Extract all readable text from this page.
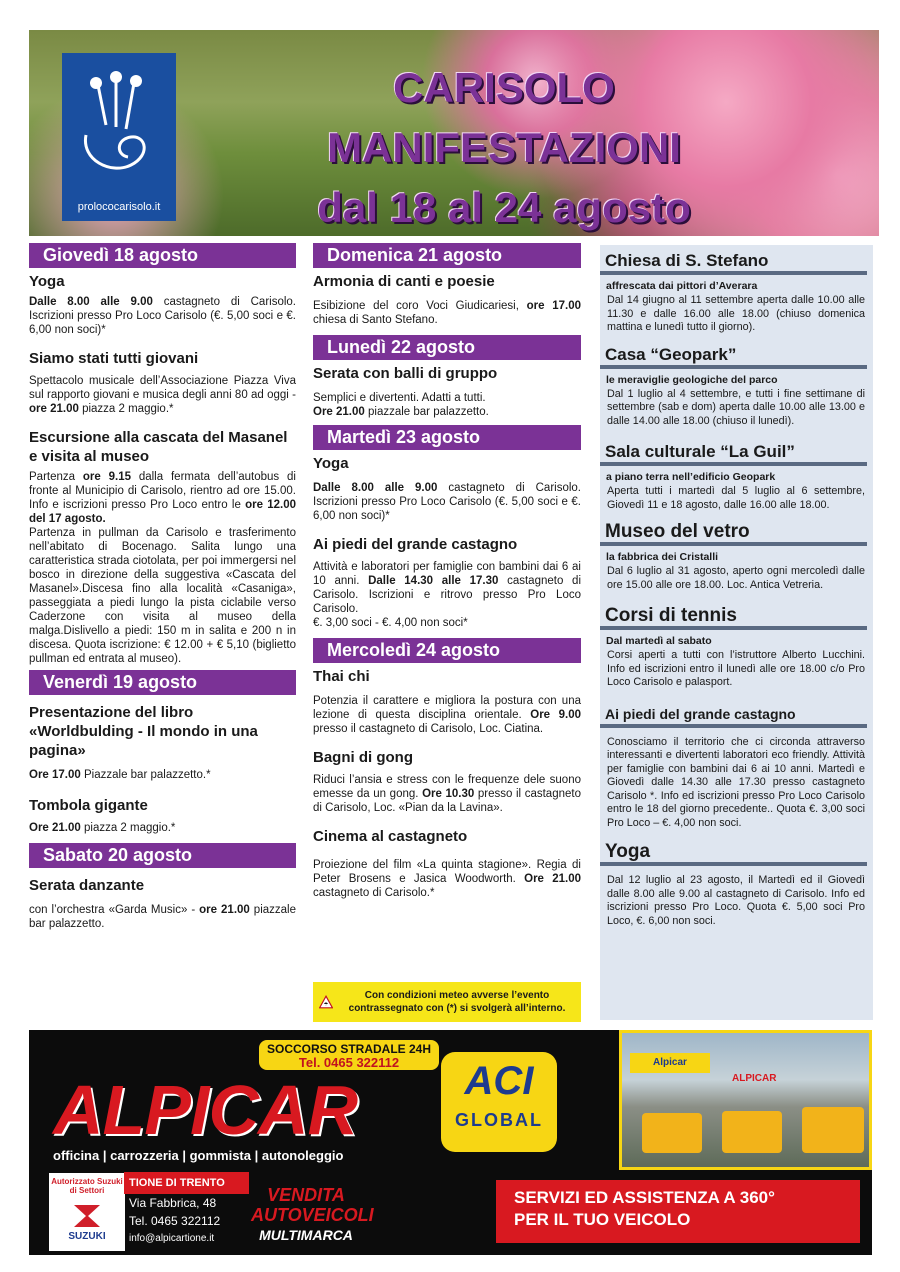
prolococarisolo.it
CARISOLO
MANIFESTAZIONI
dal 18 al 24 agosto
Giovedì 18 agosto
Yoga

Dalle 8.00 alle 9.00 castagneto di Carisolo. Iscrizioni presso Pro Loco Carisolo (€. 5,00 soci e €. 6,00 non soci)*

Siamo stati tutti giovani

Spettacolo musicale dell’Associazione Piazza Viva sul rapporto giovani e musica degli anni 80 ad oggi - ore 21.00 piazza 2 maggio.*

Escursione alla cascata del Masanel e visita al museo

Partenza ore 9.15 dalla fermata dell’autobus di fronte al Municipio di Carisolo, rientro ad ore 15.00. Info e iscrizioni presso Pro Loco entro le ore 12.00 del 17 agosto.
Partenza in pullman da Carisolo e trasferimento nell’abitato di Bocenago. Salita lungo una caratteristica strada ciotolata, per poi immergersi nel bosco in direzione della suggestiva «Cascata del Masanel».Discesa fino alla località «Casaniga», passeggiata a piedi lungo la pista ciclabile verso Caderzone con visita al museo della malga.Dislivello a piedi: 150 m in salita e 200 n in discesa. Quota iscrizione: € 12.00 + € 5,10 (biglietto pullman ed entrata al museo).

Venerdì 19 agosto
Presentazione del libro «Worldbulding - Il mondo in una pagina»

Ore 17.00 Piazzale bar palazzetto.*

Tombola gigante

Ore 21.00 piazza 2 maggio.*

Sabato 20 agosto
Serata danzante

con l’orchestra «Garda Music» - ore 21.00 piazzale bar palazzetto.

Domenica 21 agosto
Armonia di canti e poesie

Esibizione del coro Voci Giudicariesi, ore 17.00 chiesa di Santo Stefano.

Lunedì 22 agosto
Serata con balli di gruppo

Semplici e divertenti. Adatti a tutti.
Ore 21.00 piazzale bar palazzetto.

Martedì 23 agosto
Yoga

Dalle 8.00 alle 9.00 castagneto di Carisolo. Iscrizioni presso Pro Loco Carisolo (€. 5,00 soci e €. 6,00 non soci)*

Ai piedi del grande castagno

Attività e laboratori per famiglie con bambini dai 6 ai 10 anni. Dalle 14.30 alle 17.30 castagneto di Carisolo. Iscrizioni e ritrovo presso Pro Loco Carisolo.
€. 3,00 soci - €. 4,00 non soci*

Mercoledì 24 agosto
Thai chi

Potenzia il carattere e migliora la postura con una lezione di questa disciplina orientale. Ore 9.00 presso il castagneto di Carisolo, Loc. Ciatina.

Bagni di gong

Riduci l’ansia e stress con le frequenze dele suono emesse da un gong. Ore 10.30 presso il castagneto di Carisolo, Loc. «Pian da la Lavina».

Cinema al castagneto

Proiezione del film «La quinta stagione». Regia di Peter Brosens e Jasica Woodworth. Ore 21.00 castagneto di Carisolo.*

☂

Con condizioni meteo avverse l’evento contrassegnato con (*) si svolgerà all’interno.

Chiesa di S. Stefano
affrescata dai pittori d’Averara

Dal 14 giugno al 11 settembre aperta dalle 10.00 alle 11.30 e dalle 16.00 alle 18.00 (chiuso domenica mattina e lunedì tutto il giorno).

Casa “Geopark”
le meraviglie geologiche del parco

Dal 1 luglio al 4 settembre, e tutti i fine settimane di settembre (sab e dom) aperta dalle 10.00 alle 13.00 e dalle 14.00 alle 18.00 (chiuso il lunedì).

Sala culturale “La Guil”
a piano terra nell’edificio Geopark

Aperta tutti i martedì dal 5 luglio al 6 settembre, Giovedì 11 e 18 agosto, dalle 16.00 alle 18.00.

Museo del vetro
la fabbrica dei Cristalli

Dal 6 luglio al 31 agosto, aperto ogni mercoledì dalle ore 15.00 alle ore 18.00. Loc. Antica Vetreria.

Corsi di tennis
Dal martedì al sabato

Corsi aperti a tutti con l’istruttore Alberto Lucchini. Info ed iscrizioni entro il lunedì alle ore 18.00 c/o Pro Loco Carisolo e palasport.

Ai piedi del grande castagno

Conosciamo il territorio che ci circonda attraverso interessanti e divertenti laboratori eco friendly. Attività per famiglie con bambini dai 6 ai 10 anni. Martedì e Giovedì dalle 14.30 alle 17.30 presso castagneto Carisolo *. Info ed iscrizioni presso Pro Loco Carisolo entro le 18 del giorno precedente.. Quota €. 3,00 soci Pro Loco – €. 4,00 non soci.

Yoga

Dal 12 luglio al 23 agosto, il Martedì ed il Giovedì dalle 8.00 alle 9.00 al castagneto di Carisolo. Info ed iscrizioni presso Pro Loco. Quota €. 5,00 soci Pro Loco, €. 6,00 non soci.

SOCCORSO STRADALE 24H
Tel. 0465 322112
ALPICAR
officina | carrozzeria | gommista | autonoleggio
ACI
GLOBAL
Autorizzato Suzuki di Settori
SUZUKI
TIONE DI TRENTO
Via Fabbrica, 48
Tel. 0465 322112
info@alpicartione.it
VENDITA
AUTOVEICOLI
MULTIMARCA
Alpicar
ALPICAR
SERVIZI ED ASSISTENZA A 360°
PER IL TUO VEICOLO
